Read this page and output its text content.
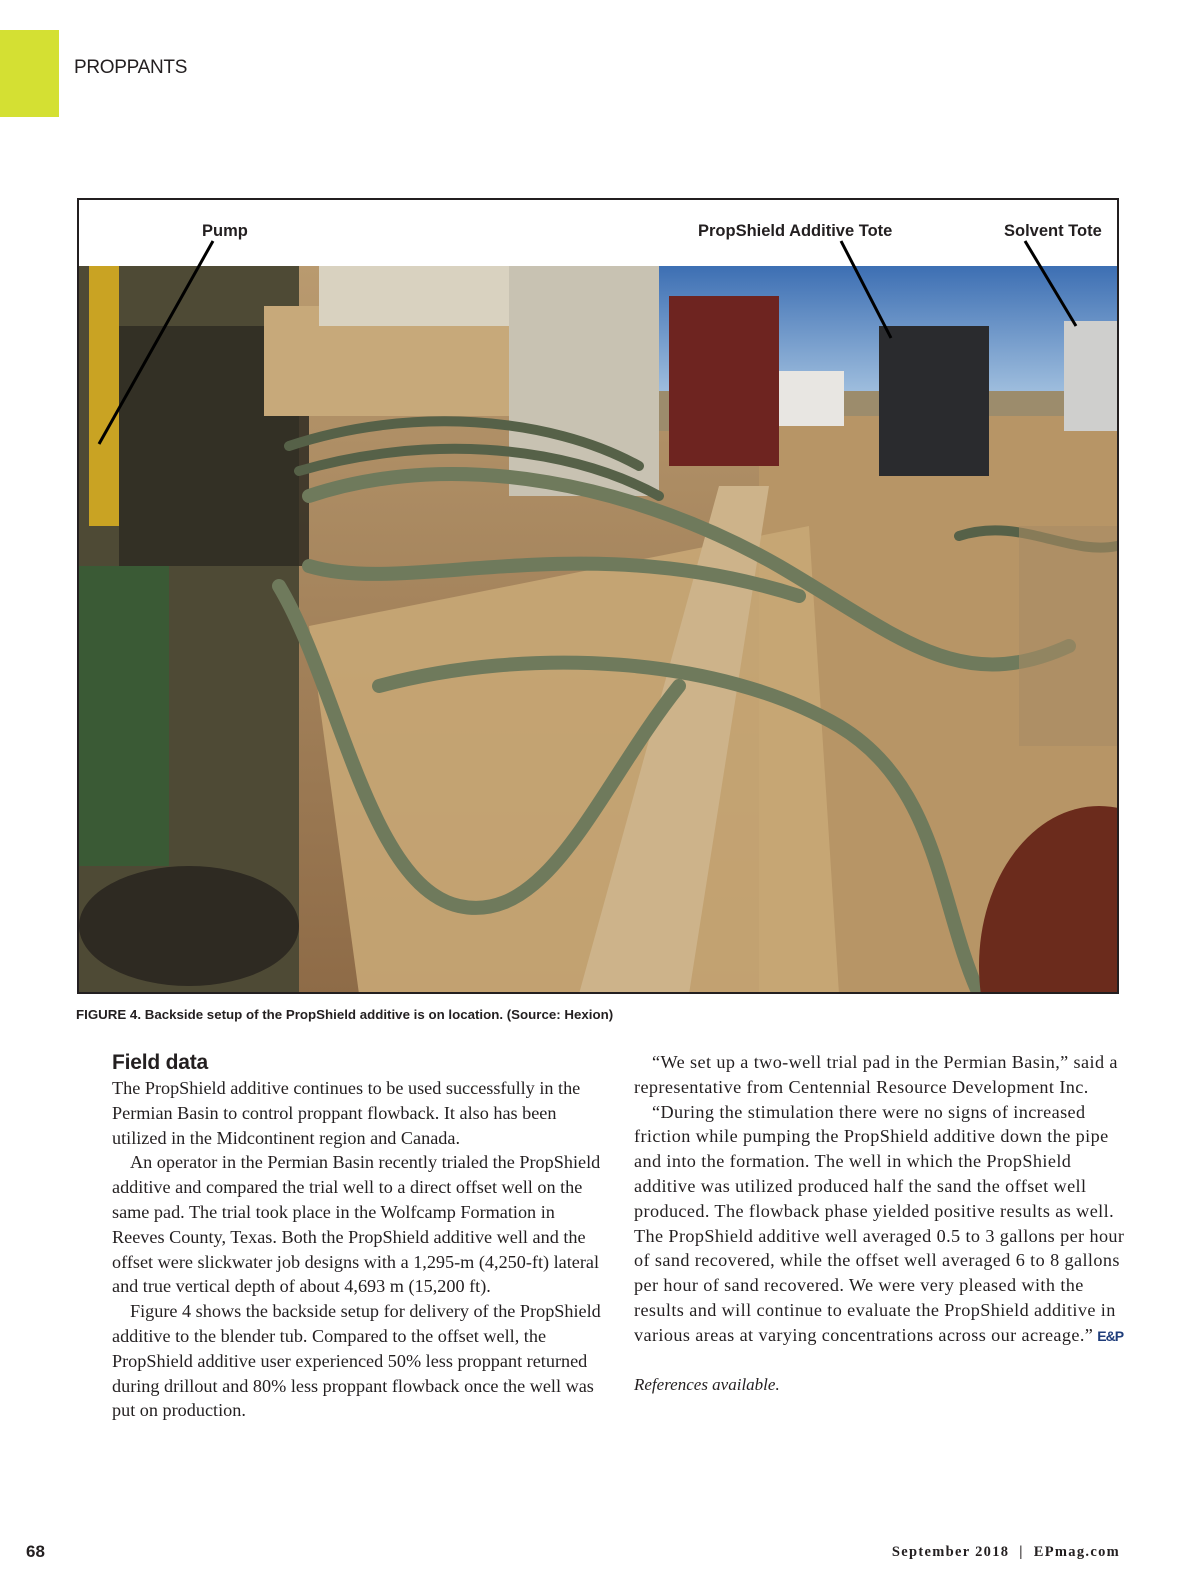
PROPPANTS
Pump	PropShield Additive Tote	Solvent Tote
FIGURE 4. Backside setup of the PropShield additive is on location. (Source: Hexion)
Field data

The PropShield additive continues to be used successfully in the Permian Basin to control proppant flowback. It also has been utilized in the Midcontinent region and Canada.

An operator in the Permian Basin recently trialed the PropShield additive and compared the trial well to a direct offset well on the same pad. The trial took place in the Wolfcamp Formation in Reeves County, Texas. Both the PropShield additive well and the offset were slickwater job designs with a 1,295-m (4,250-ft) lateral and true vertical depth of about 4,693 m (15,200 ft).

Figure 4 shows the backside setup for delivery of the PropShield additive to the blender tub. Compared to the offset well, the PropShield additive user experienced 50% less proppant returned during drillout and 80% less proppant flowback once the well was put on production.

“We set up a two-well trial pad in the Permian Basin,” said a representative from Centennial Resource Development Inc.

“During the stimulation there were no signs of increased friction while pumping the PropShield additive down the pipe and into the formation. The well in which the PropShield additive was utilized produced half the sand the offset well produced. The flowback phase yielded positive results as well. The PropShield additive well averaged 0.5 to 3 gallons per hour of sand recovered, while the offset well averaged 6 to 8 gallons per hour of sand recovered. We were very pleased with the results and will continue to evaluate the PropShield additive in various areas at varying concentrations across our acreage.” E&P

References available.

68	September 2018 | EPmag.com
